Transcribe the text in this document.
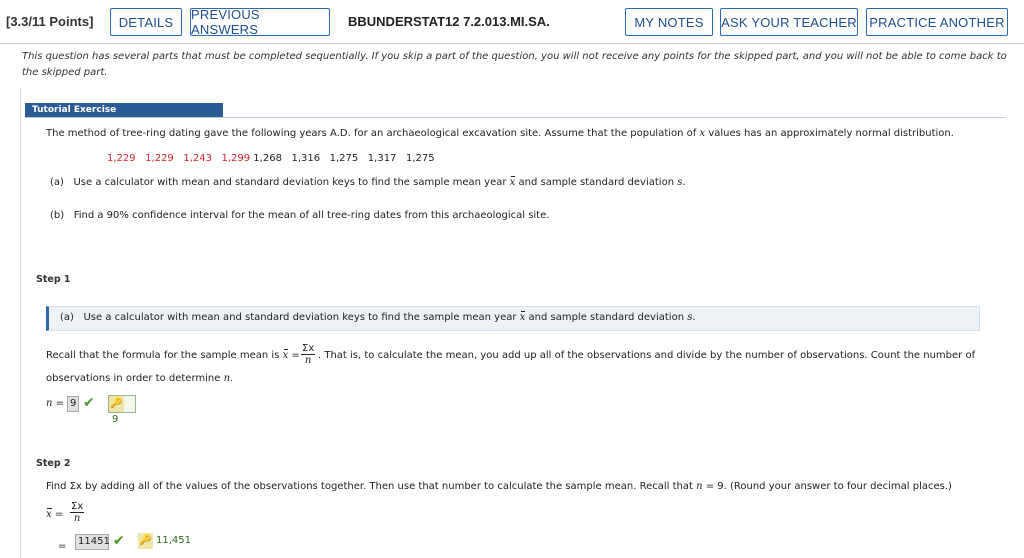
[3.3/11 Points]	DETAILS	PREVIOUS ANSWERS
BBUNDERSTAT12 7.2.013.MI.SA.	MY NOTES	ASK YOUR TEACHER PRACTICE ANOTHER
This question has several parts that must be completed sequentially. If you skip a part of the question, you will not receive any points for the skipped part, and you will not be able to come back to the skipped part.
Tutorial Exercise
The method of tree-ring dating gave the following years A.D. for an archaeological excavation site. Assume that the population of x values has an approximately normal distribution.
1,229   1,229   1,243   1,299 1,268   1,316   1,275   1,317   1,275
(a) Use a calculator with mean and standard deviation keys to find the sample mean year x and sample standard deviation s.
(b) Find a 90% confidence interval for the mean of all tree-ring dates from this archaeological site.
Step 1
(a) Use a calculator with mean and standard deviation keys to find the sample mean year x and sample standard deviation s.
Recall that the formula for the sample mean is $x = \frac{\Sigma x}{n}$ . That is, to calculate the mean, you add up all of the observations and divide by the number of observations. Count the number of
observations in order to determine n.
n = 9 ✔ 🔑9
Step 2
Find Σx by adding all of the values of the observations together. Then use that number to calculate the sample mean. Recall that n = 9. (Round your answer to four decimal places.)
$x = \frac{\Sigma x}{n}$
=	11451 ✔ 🔑 11,451
